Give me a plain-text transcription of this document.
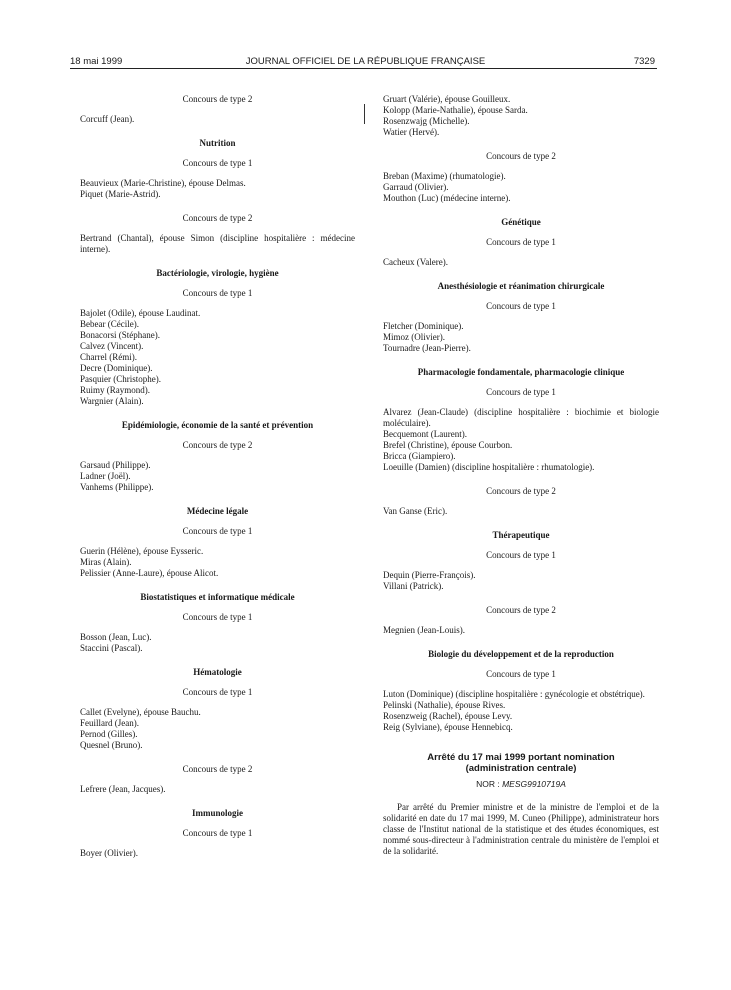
18 mai 1999	JOURNAL OFFICIEL DE LA RÉPUBLIQUE FRANÇAISE	7329
Concours de type 2
Corcuff (Jean).
Nutrition
Concours de type 1
Beauvieux (Marie-Christine), épouse Delmas.
Piquet (Marie-Astrid).
Concours de type 2
Bertrand (Chantal), épouse Simon (discipline hospitalière : médecine interne).
Bactériologie, virologie, hygiène
Concours de type 1
Bajolet (Odile), épouse Laudinat.
Bebear (Cécile).
Bonacorsi (Stéphane).
Calvez (Vincent).
Charrel (Rémi).
Decre (Dominique).
Pasquier (Christophe).
Ruimy (Raymond).
Wargnier (Alain).
Epidémiologie, économie de la santé et prévention
Concours de type 2
Garsaud (Philippe).
Ladner (Joël).
Vanhems (Philippe).
Médecine légale
Concours de type 1
Guerin (Hélène), épouse Eysseric.
Miras (Alain).
Pelissier (Anne-Laure), épouse Alicot.
Biostatistiques et informatique médicale
Concours de type 1
Bosson (Jean, Luc).
Staccini (Pascal).
Hématologie
Concours de type 1
Callet (Evelyne), épouse Bauchu.
Feuillard (Jean).
Pernod (Gilles).
Quesnel (Bruno).
Concours de type 2
Lefrere (Jean, Jacques).
Immunologie
Concours de type 1
Boyer (Olivier).
Gruart (Valérie), épouse Gouilleux.
Kolopp (Marie-Nathalie), épouse Sarda.
Rosenzwajg (Michelle).
Watier (Hervé).
Concours de type 2
Breban (Maxime) (rhumatologie).
Garraud (Olivier).
Mouthon (Luc) (médecine interne).
Génétique
Concours de type 1
Cacheux (Valere).
Anesthésiologie et réanimation chirurgicale
Concours de type 1
Fletcher (Dominique).
Mimoz (Olivier).
Tournadre (Jean-Pierre).
Pharmacologie fondamentale, pharmacologie clinique
Concours de type 1
Alvarez (Jean-Claude) (discipline hospitalière : biochimie et biologie moléculaire).
Becquemont (Laurent).
Brefel (Christine), épouse Courbon.
Bricca (Giampiero).
Loeuille (Damien) (discipline hospitalière : rhumatologie).
Concours de type 2
Van Ganse (Eric).
Thérapeutique
Concours de type 1
Dequin (Pierre-François).
Villani (Patrick).
Concours de type 2
Megnien (Jean-Louis).
Biologie du développement et de la reproduction
Concours de type 1
Luton (Dominique) (discipline hospitalière : gynécologie et obstétrique).
Pelinski (Nathalie), épouse Rives.
Rosenzweig (Rachel), épouse Levy.
Reig (Sylviane), épouse Hennebicq.
Arrêté du 17 mai 1999 portant nomination
(administration centrale)
NOR : MESG9910719A

Par arrêté du Premier ministre et de la ministre de l'emploi et de la solidarité en date du 17 mai 1999, M. Cuneo (Philippe), administrateur hors classe de l'Institut national de la statistique et des études économiques, est nommé sous-directeur à l'administration centrale du ministère de l'emploi et de la solidarité.
